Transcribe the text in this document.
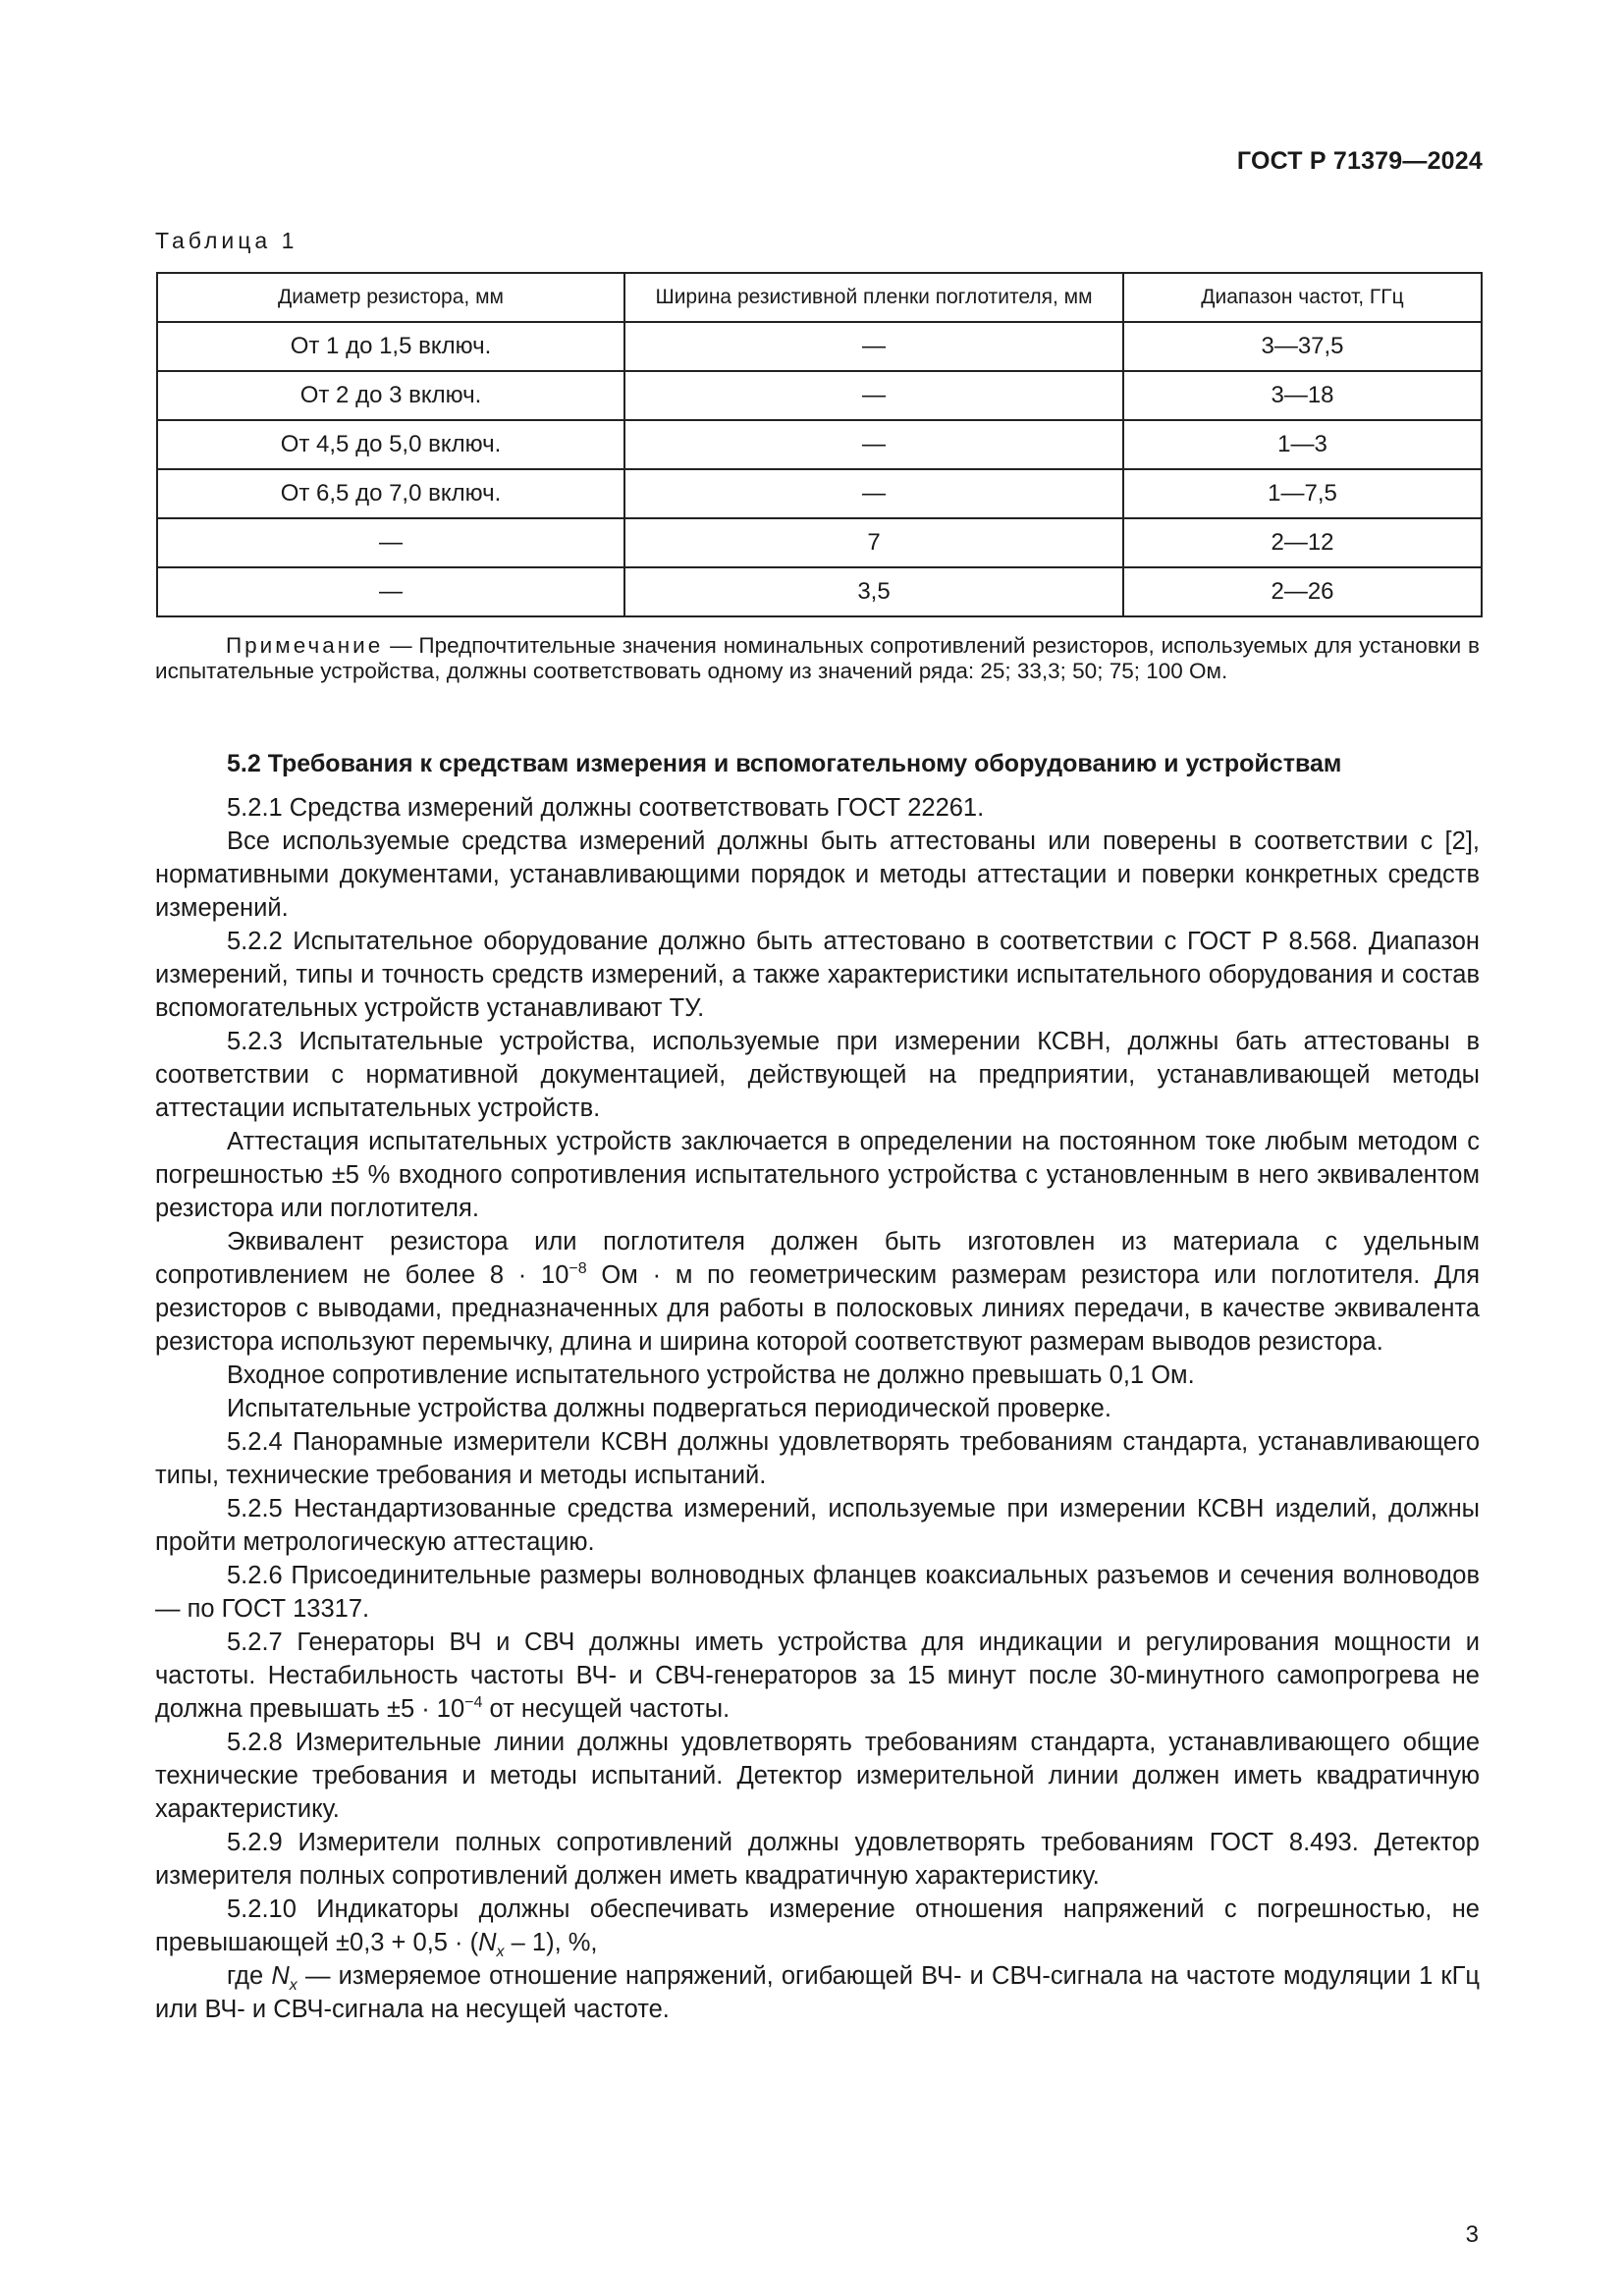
ГОСТ Р 71379—2024
Таблица 1
Диаметр резистора, мм	Ширина резистивной пленки поглотителя, мм	Диапазон частот, ГГц
От 1 до 1,5 включ.	—	3—37,5
От 2 до 3 включ.	—	3—18
От 4,5 до 5,0 включ.	—	1—3
От 6,5 до 7,0 включ.	—	1—7,5
—	7	2—12
—	3,5	2—26
Примечание — Предпочтительные значения номинальных сопротивлений резисторов, используемых для установки в испытательные устройства, должны соответствовать одному из значений ряда: 25; 33,3; 50; 75; 100 Ом.
5.2 Требования к средствам измерения и вспомогательному оборудованию и устройствам

5.2.1 Средства измерений должны соответствовать ГОСТ 22261.

Все используемые средства измерений должны быть аттестованы или поверены в соответствии с [2], нормативными документами, устанавливающими порядок и методы аттестации и поверки конкретных средств измерений.

5.2.2 Испытательное оборудование должно быть аттестовано в соответствии с ГОСТ Р 8.568. Диапазон измерений, типы и точность средств измерений, а также характеристики испытательного оборудования и состав вспомогательных устройств устанавливают ТУ.

5.2.3 Испытательные устройства, используемые при измерении КСВН, должны бать аттестованы в соответствии с нормативной документацией, действующей на предприятии, устанавливающей методы аттестации испытательных устройств.

Аттестация испытательных устройств заключается в определении на постоянном токе любым методом с погрешностью ±5 % входного сопротивления испытательного устройства с установленным в него эквивалентом резистора или поглотителя.

Эквивалент резистора или поглотителя должен быть изготовлен из материала с удельным сопротивлением не более $8 \cdot 10^{-8}$ Ом · м по геометрическим размерам резистора или поглотителя. Для резисторов с выводами, предназначенных для работы в полосковых линиях передачи, в качестве эквивалента резистора используют перемычку, длина и ширина которой соответствуют размерам выводов резистора.

Входное сопротивление испытательного устройства не должно превышать 0,1 Ом.

Испытательные устройства должны подвергаться периодической проверке.

5.2.4 Панорамные измерители КСВН должны удовлетворять требованиям стандарта, устанавливающего типы, технические требования и методы испытаний.

5.2.5 Нестандартизованные средства измерений, используемые при измерении КСВН изделий, должны пройти метрологическую аттестацию.

5.2.6 Присоединительные размеры волноводных фланцев коаксиальных разъемов и сечения волноводов — по ГОСТ 13317.

5.2.7 Генераторы ВЧ и СВЧ должны иметь устройства для индикации и регулирования мощности и частоты. Нестабильность частоты ВЧ- и СВЧ-генераторов за 15 минут после 30-минутного самопрогрева не должна превышать $\pm 5 \cdot 10^{-4}$ от несущей частоты.

5.2.8 Измерительные линии должны удовлетворять требованиям стандарта, устанавливающего общие технические требования и методы испытаний. Детектор измерительной линии должен иметь квадратичную характеристику.

5.2.9 Измерители полных сопротивлений должны удовлетворять требованиям ГОСТ 8.493. Детектор измерителя полных сопротивлений должен иметь квадратичную характеристику.

5.2.10 Индикаторы должны обеспечивать измерение отношения напряжений с погрешностью, не превышающей $\pm 0,3 + 0,5 \cdot (N_x - 1)$, %,

где $N_x$ — измеряемое отношение напряжений, огибающей ВЧ- и СВЧ-сигнала на частоте модуляции 1 кГц или ВЧ- и СВЧ-сигнала на несущей частоте.

3
